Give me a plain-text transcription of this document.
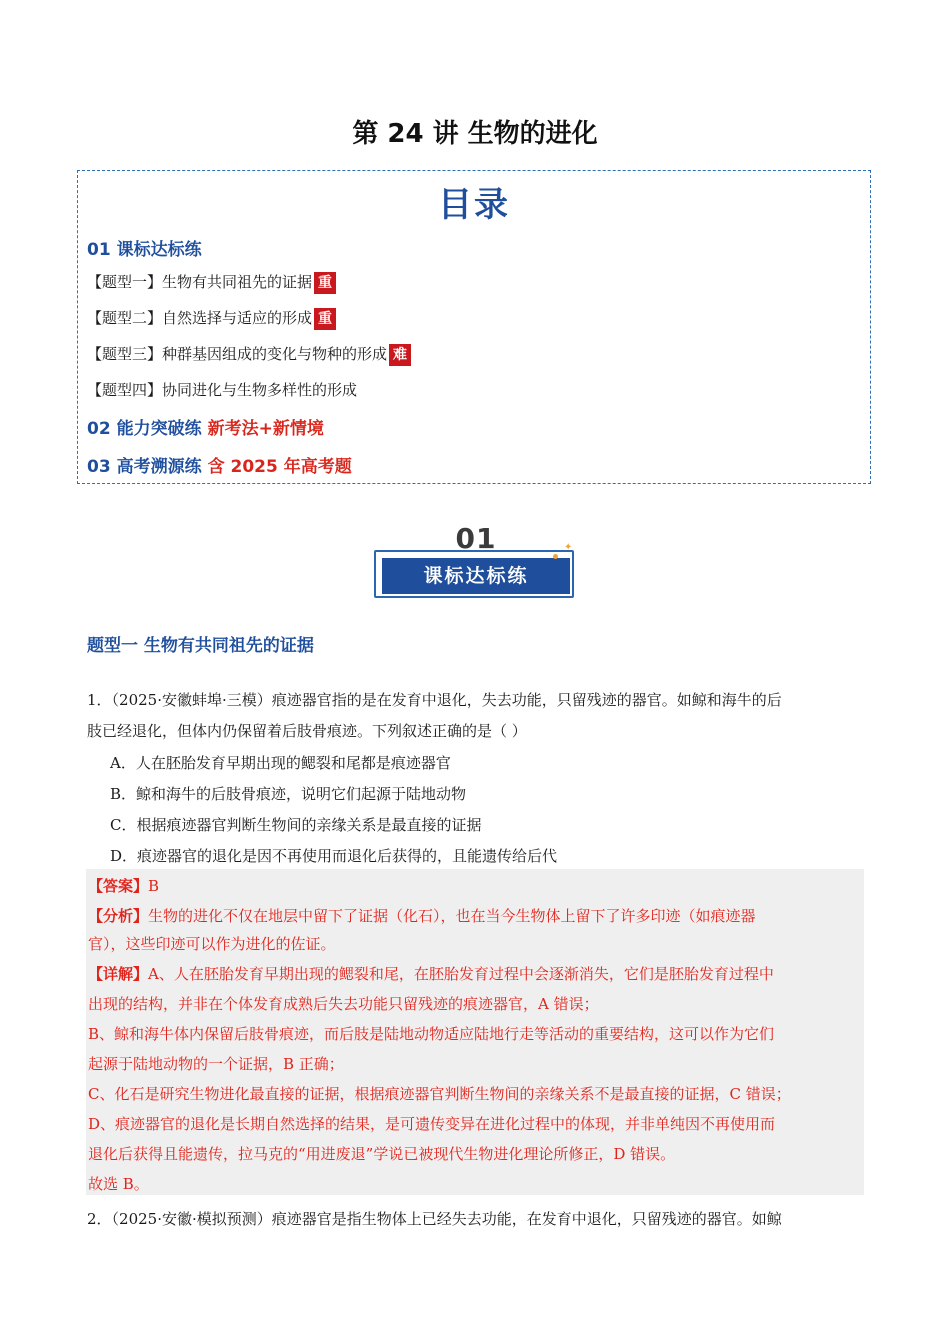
第 24 讲 生物的进化
目录
01 课标达标练
【题型一】生物有共同祖先的证据 重
【题型二】自然选择与适应的形成 重
【题型三】种群基因组成的变化与物种的形成 难
【题型四】协同进化与生物多样性的形成
02 能力突破练 新考法+新情境
03 高考溯源练 含 2025 年高考题
01
课标达标练
✦
题型一 生物有共同祖先的证据
1．（2025·安徽蚌埠·三模）痕迹器官指的是在发育中退化，失去功能，只留残迹的器官。如鲸和海牛的后
肢已经退化，但体内仍保留着后肢骨痕迹。下列叙述正确的是（ ）
A．人在胚胎发育早期出现的鳃裂和尾都是痕迹器官
B．鲸和海牛的后肢骨痕迹，说明它们起源于陆地动物
C．根据痕迹器官判断生物间的亲缘关系是最直接的证据
D．痕迹器官的退化是因不再使用而退化后获得的，且能遗传给后代
【答案】B
【分析】生物的进化不仅在地层中留下了证据（化石），也在当今生物体上留下了许多印迹（如痕迹器
官），这些印迹可以作为进化的佐证。
【详解】A、人在胚胎发育早期出现的鳃裂和尾，在胚胎发育过程中会逐渐消失，它们是胚胎发育过程中
出现的结构，并非在个体发育成熟后失去功能只留残迹的痕迹器官，A 错误；
B、鲸和海牛体内保留后肢骨痕迹，而后肢是陆地动物适应陆地行走等活动的重要结构，这可以作为它们
起源于陆地动物的一个证据，B 正确；
C、化石是研究生物进化最直接的证据，根据痕迹器官判断生物间的亲缘关系不是最直接的证据，C 错误；
D、痕迹器官的退化是长期自然选择的结果，是可遗传变异在进化过程中的体现，并非单纯因不再使用而
退化后获得且能遗传，拉马克的“用进废退”学说已被现代生物进化理论所修正，D 错误。
故选 B。
2．（2025·安徽·模拟预测）痕迹器官是指生物体上已经失去功能，在发育中退化，只留残迹的器官。如鲸
